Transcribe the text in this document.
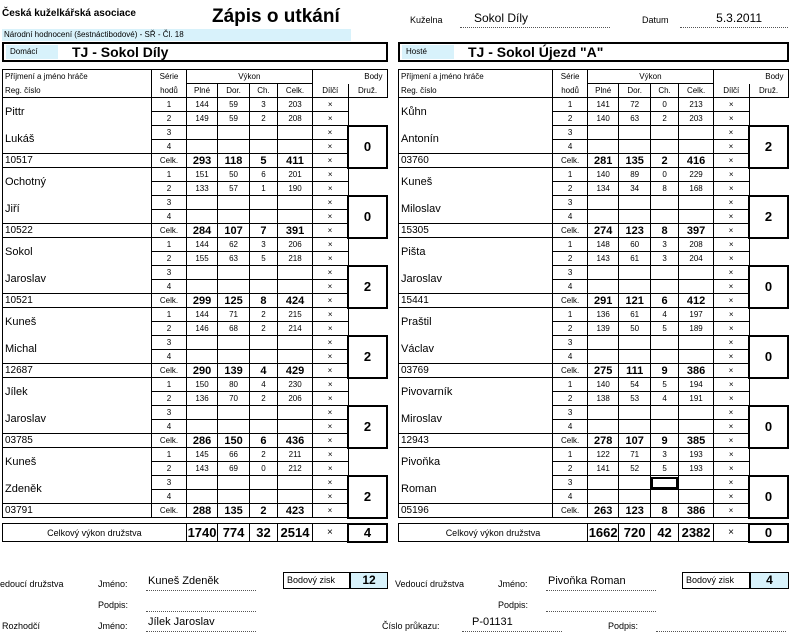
Česká kuželkářská asociace	Zápis o utkání
Národní hodnocení (šestnáctibodové) - SŘ - Čl. 18
Kuželna	Sokol Díly	Datum	5.3.2011
Domácí	TJ - Sokol Díly	Hosté	TJ - Sokol Újezd "A"
Příjmení a jméno hráče	Série	Výkon				Body	
Reg. číslo	hodů	Plné	Dor.	Ch.	Celk.	Dílčí	Druž.
Pittr	1	144	59	3	203	×	
	2	149	59	2	208	×	
Lukáš	3					×	0
	4					×	
10517	Celk.	293	118	5	411	×	
Ochotný	1	151	50	6	201	×	
	2	133	57	1	190	×	
Jiří	3					×	0
	4					×	
10522	Celk.	284	107	7	391	×	
Sokol	1	144	62	3	206	×	
	2	155	63	5	218	×	
Jaroslav	3					×	2
	4					×	
10521	Celk.	299	125	8	424	×	
Kuneš	1	144	71	2	215	×	
	2	146	68	2	214	×	
Michal	3					×	2
	4					×	
12687	Celk.	290	139	4	429	×	
Jílek	1	150	80	4	230	×	
	2	136	70	2	206	×	
Jaroslav	3					×	2
	4					×	
03785	Celk.	286	150	6	436	×	
Kuneš	1	145	66	2	211	×	
	2	143	69	0	212	×	
Zdeněk	3					×	2
	4					×	
03791	Celk.	288	135	2	423	×	

Celkový výkon družstva		1740	774	32	2514	×	4
Příjmení a jméno hráče	Série	Výkon				Body	
Reg. číslo	hodů	Plné	Dor.	Ch.	Celk.	Dílčí	Druž.
Kůhn	1	141	72	0	213	×	
	2	140	63	2	203	×	
Antonín	3					×	2
	4					×	
03760	Celk.	281	135	2	416	×	
Kuneš	1	140	89	0	229	×	
	2	134	34	8	168	×	
Miloslav	3					×	2
	4					×	
15305	Celk.	274	123	8	397	×	
Pišta	1	148	60	3	208	×	
	2	143	61	3	204	×	
Jaroslav	3					×	0
	4					×	
15441	Celk.	291	121	6	412	×	
Praštil	1	136	61	4	197	×	
	2	139	50	5	189	×	
Václav	3					×	0
	4					×	
03769	Celk.	275	111	9	386	×	
Pivovarník	1	140	54	5	194	×	
	2	138	53	4	191	×	
Miroslav	3					×	0
	4					×	
12943	Celk.	278	107	9	385	×	
Pivoňka	1	122	71	3	193	×	
	2	141	52	5	193	×	
Roman	3					×	0
	4					×	
05196	Celk.	263	123	8	386	×	

Celkový výkon družstva		1662	720	42	2382	×	0
edoucí družstva	Jméno: Kuneš Zdeněk
Podpis:
Bodový zisk	12	Vedoucí družstva	Jméno: Pivoňka Roman
Podpis:
Bodový zisk	4
Rozhodčí	Jméno: Jílek Jaroslav	Číslo průkazu:	P-01131	Podpis:
